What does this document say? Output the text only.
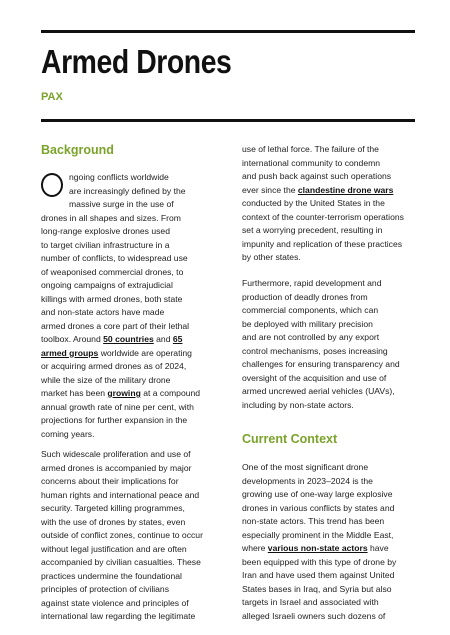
Armed Drones
PAX
Background
ngoing conflicts worldwide
are increasingly defined by the
massive surge in the use of
drones in all shapes and sizes. From
long-range explosive drones used
to target civilian infrastructure in a
number of conflicts, to widespread use
of weaponised commercial drones, to
ongoing campaigns of extrajudicial
killings with armed drones, both state
and non-state actors have made
armed drones a core part of their lethal
toolbox. Around 50 countries and 65
armed groups worldwide are operating
or acquiring armed drones as of 2024,
while the size of the military drone
market has been growing at a compound
annual growth rate of nine per cent, with
projections for further expansion in the
coming years.
Such widescale proliferation and use of
armed drones is accompanied by major
concerns about their implications for
human rights and international peace and
security. Targeted killing programmes,
with the use of drones by states, even
outside of conflict zones, continue to occur
without legal justification and are often
accompanied by civilian casualties. These
practices undermine the foundational
principles of protection of civilians
against state violence and principles of
international law regarding the legitimate
use of lethal force. The failure of the
international community to condemn
and push back against such operations
ever since the clandestine drone wars
conducted by the United States in the
context of the counter-terrorism operations
set a worrying precedent, resulting in
impunity and replication of these practices
by other states.
Furthermore, rapid development and
production of deadly drones from
commercial components, which can
be deployed with military precision
and are not controlled by any export
control mechanisms, poses increasing
challenges for ensuring transparency and
oversight of the acquisition and use of
armed uncrewed aerial vehicles (UAVs),
including by non-state actors.
One of the most significant drone
developments in 2023–2024 is the
growing use of one-way large explosive
drones in various conflicts by states and
non-state actors. This trend has been
especially prominent in the Middle East,
where various non-state actors have
been equipped with this type of drone by
Iran and have used them against United
States bases in Iraq, and Syria but also
targets in Israel and associated with
alleged Israeli owners such dozens of
Current Context
